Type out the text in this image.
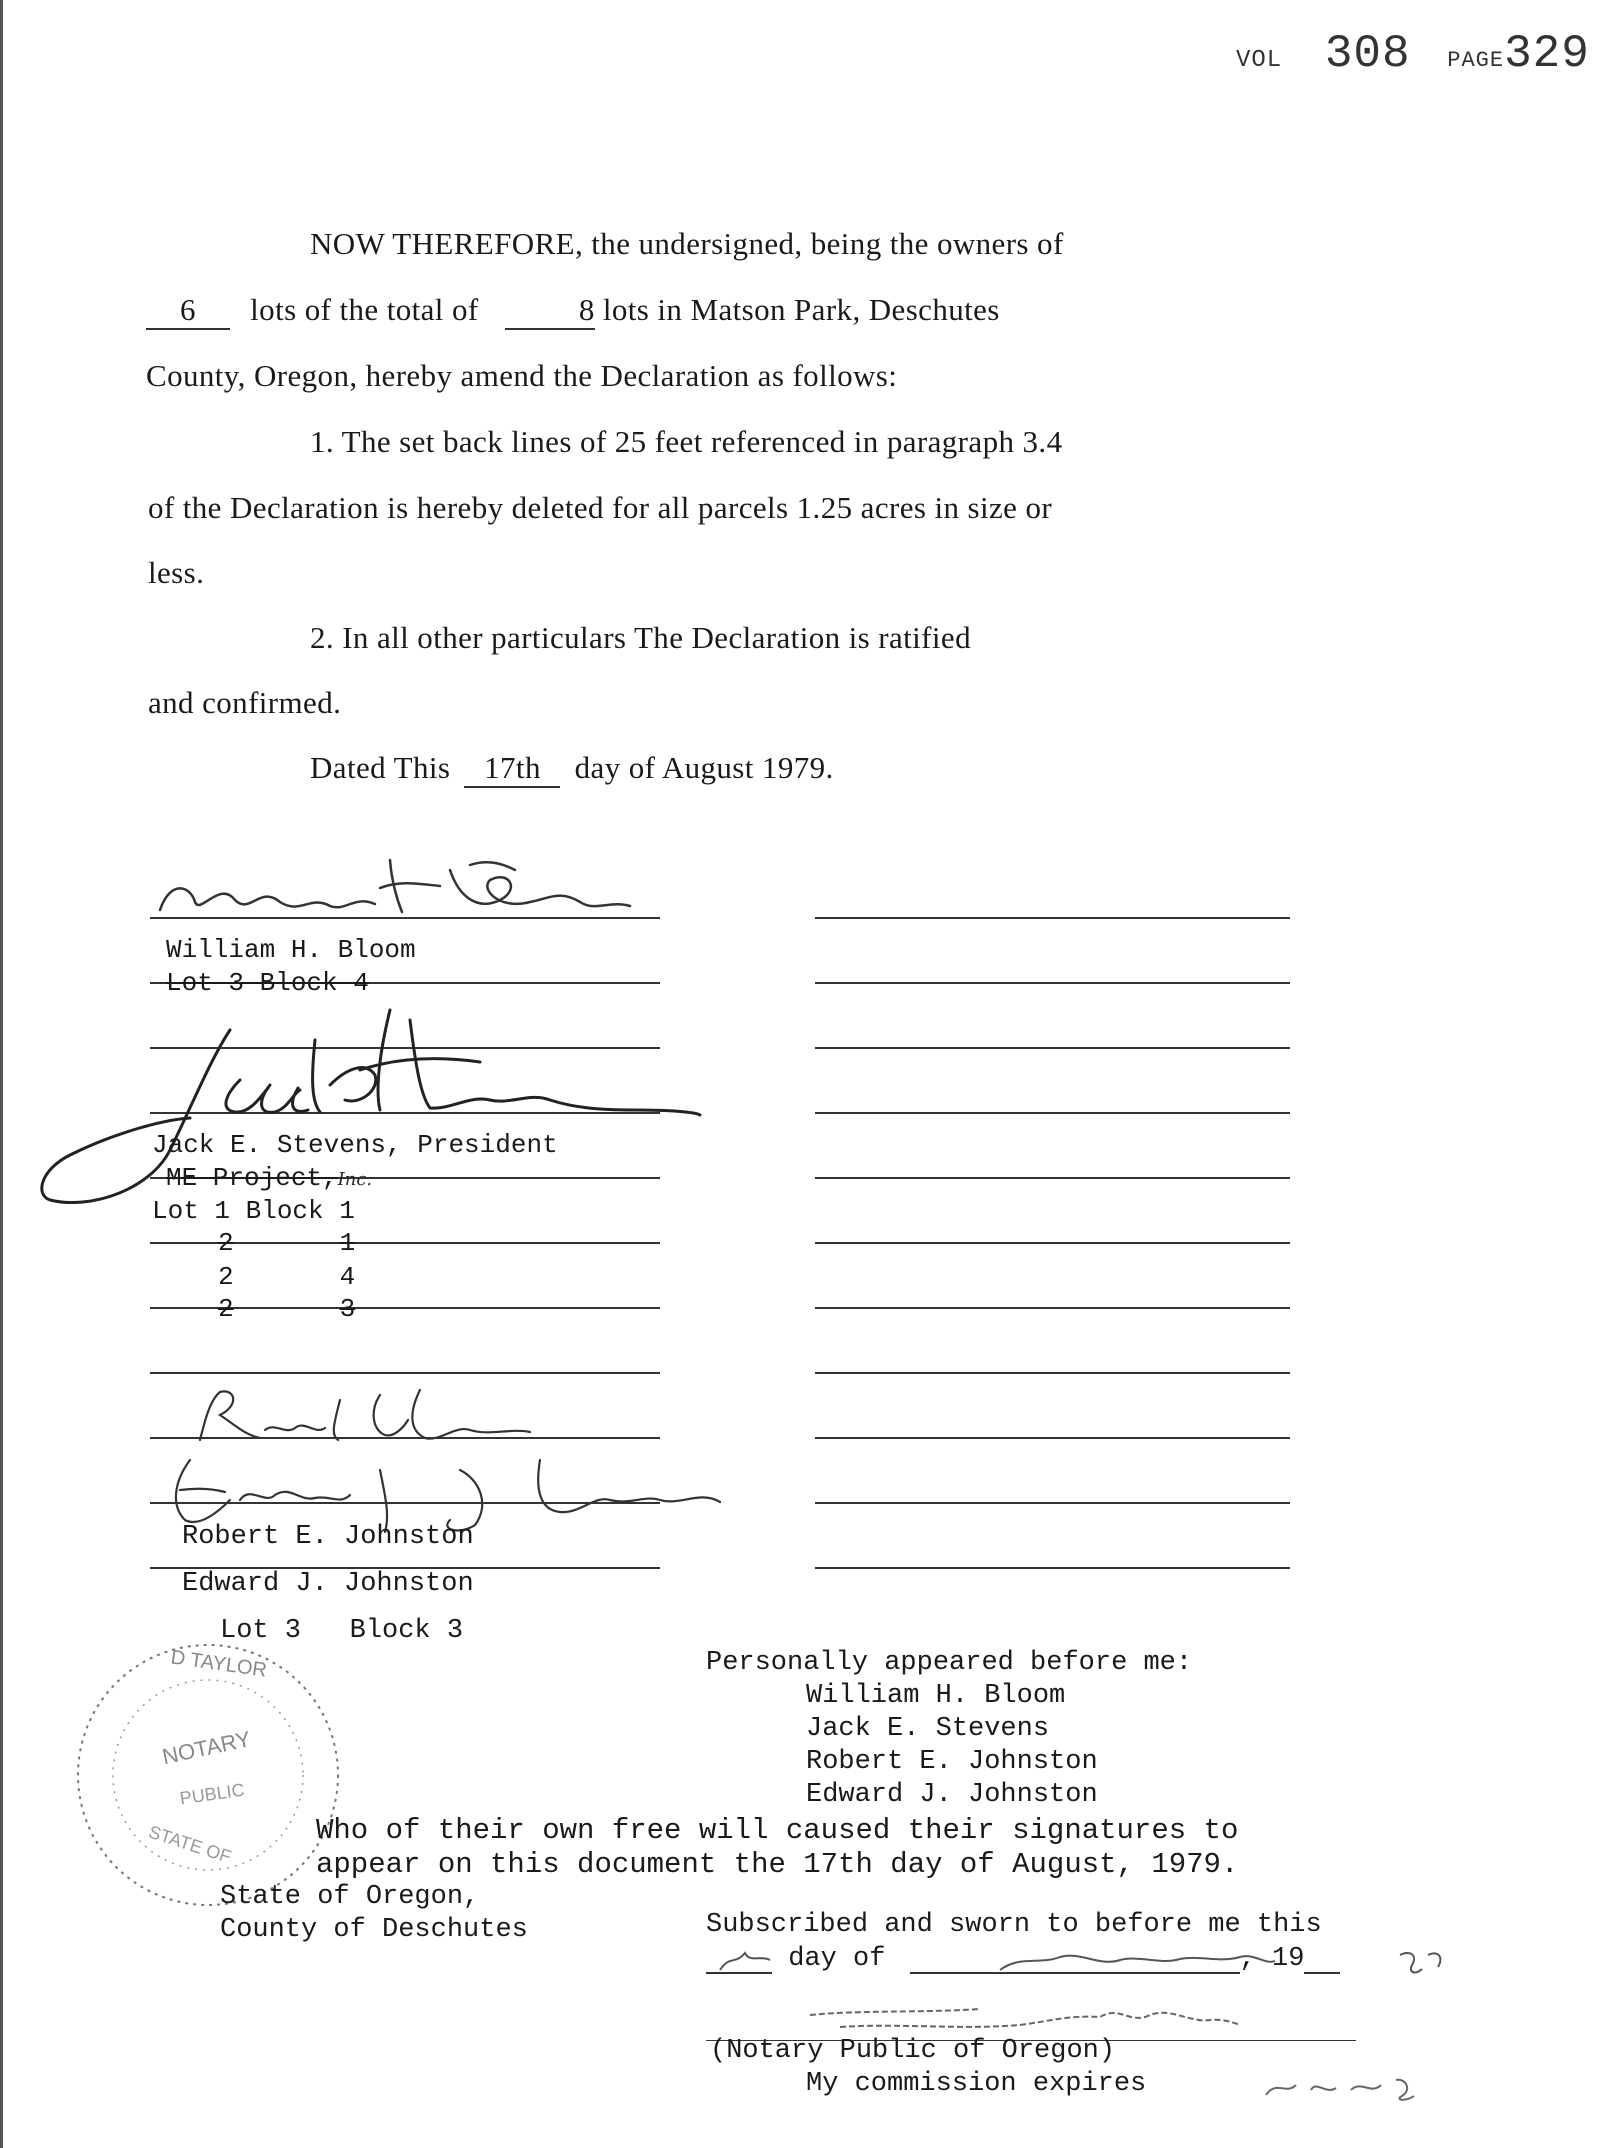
VOL 308 PAGE329
NOW THEREFORE, the undersigned, being the owners of
6 lots of the total of	8 lots in Matson Park, Deschutes
County, Oregon, hereby amend the Declaration as follows:
1. The set back lines of 25 feet referenced in paragraph 3.4
of the Declaration is hereby deleted for all parcels 1.25 acres in size or
less.
2. In all other particulars The Declaration is ratified
and confirmed.
Dated This 17th day of August 1979.
William H. Bloom
Lot 3 Block 4
Jack E. Stevens, President
ME Project,Inc.
Lot 1 Block 1
2	1
2	4
2	3
Robert E. Johnston
Edward J. Johnston
Lot 3   Block 3
D TAYLOR
NOTARY
PUBLIC
STATE OF
Personally appeared before me:
William H. Bloom
Jack E. Stevens
Robert E. Johnston
Edward J. Johnston
Who of their own free will caused their signatures to
appear on this document the 17th day of August, 1979.
State of Oregon,
County of Deschutes	Subscribed and sworn to before me this
day of	, 19
(Notary Public of Oregon)
My commission expires
